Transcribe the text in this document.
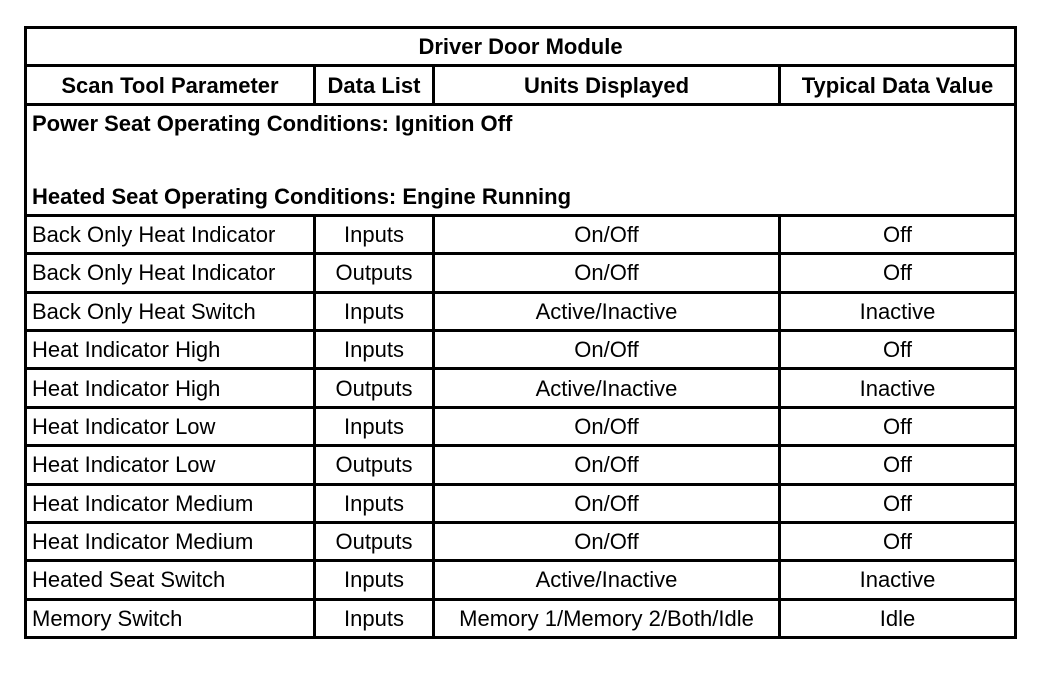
Driver Door Module			
Scan Tool Parameter	Data List	Units Displayed	Typical Data Value

Power Seat Operating Conditions: Ignition Off
Heated Seat Operating Conditions: Engine Running			

Back Only Heat Indicator	Inputs	On/Off	Off
Back Only Heat Indicator	Outputs	On/Off	Off
Back Only Heat Switch	Inputs	Active/Inactive	Inactive
Heat Indicator High	Inputs	On/Off	Off
Heat Indicator High	Outputs	Active/Inactive	Inactive
Heat Indicator Low	Inputs	On/Off	Off
Heat Indicator Low	Outputs	On/Off	Off
Heat Indicator Medium	Inputs	On/Off	Off
Heat Indicator Medium	Outputs	On/Off	Off
Heated Seat Switch	Inputs	Active/Inactive	Inactive
Memory Switch	Inputs	Memory 1/Memory 2/Both/Idle	Idle
